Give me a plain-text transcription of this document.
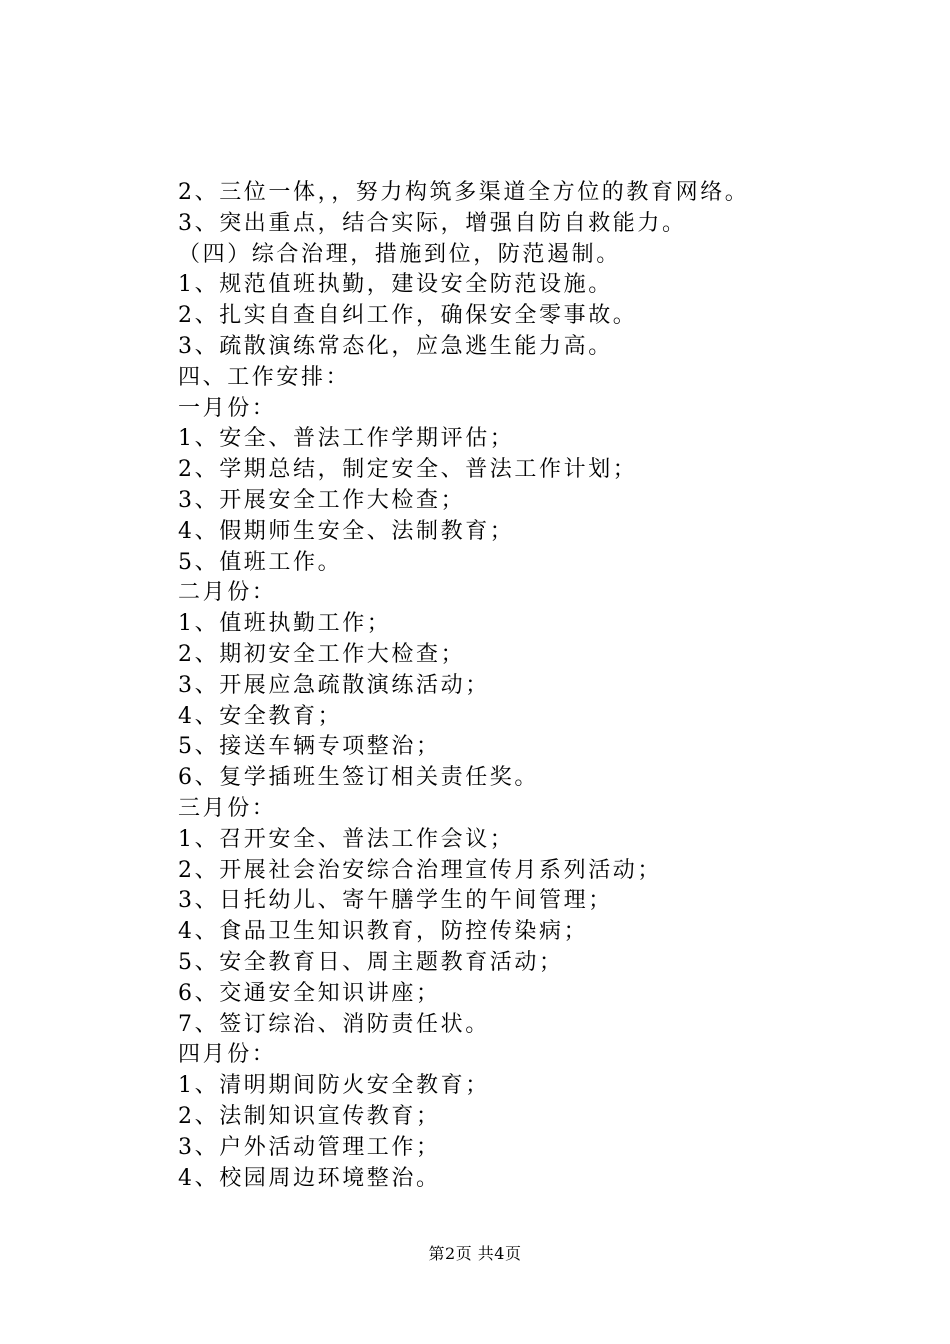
2、三位一体，，努力构筑多渠道全方位的教育网络。
3、突出重点，结合实际，增强自防自救能力。
（四）综合治理，措施到位，防范遏制。
1、规范值班执勤，建设安全防范设施。
2、扎实自查自纠工作，确保安全零事故。
3、疏散演练常态化，应急逃生能力高。
四、工作安排：
一月份：
1、安全、普法工作学期评估；
2、学期总结，制定安全、普法工作计划；
3、开展安全工作大检查；
4、假期师生安全、法制教育；
5、值班工作。
二月份：
1、值班执勤工作；
2、期初安全工作大检查；
3、开展应急疏散演练活动；
4、安全教育；
5、接送车辆专项整治；
6、复学插班生签订相关责任奖。
三月份：
1、召开安全、普法工作会议；
2、开展社会治安综合治理宣传月系列活动；
3、日托幼儿、寄午膳学生的午间管理；
4、食品卫生知识教育，防控传染病；
5、安全教育日、周主题教育活动；
6、交通安全知识讲座；
7、签订综治、消防责任状。
四月份：
1、清明期间防火安全教育；
2、法制知识宣传教育；
3、户外活动管理工作；
4、校园周边环境整治。
第2页 共4页
